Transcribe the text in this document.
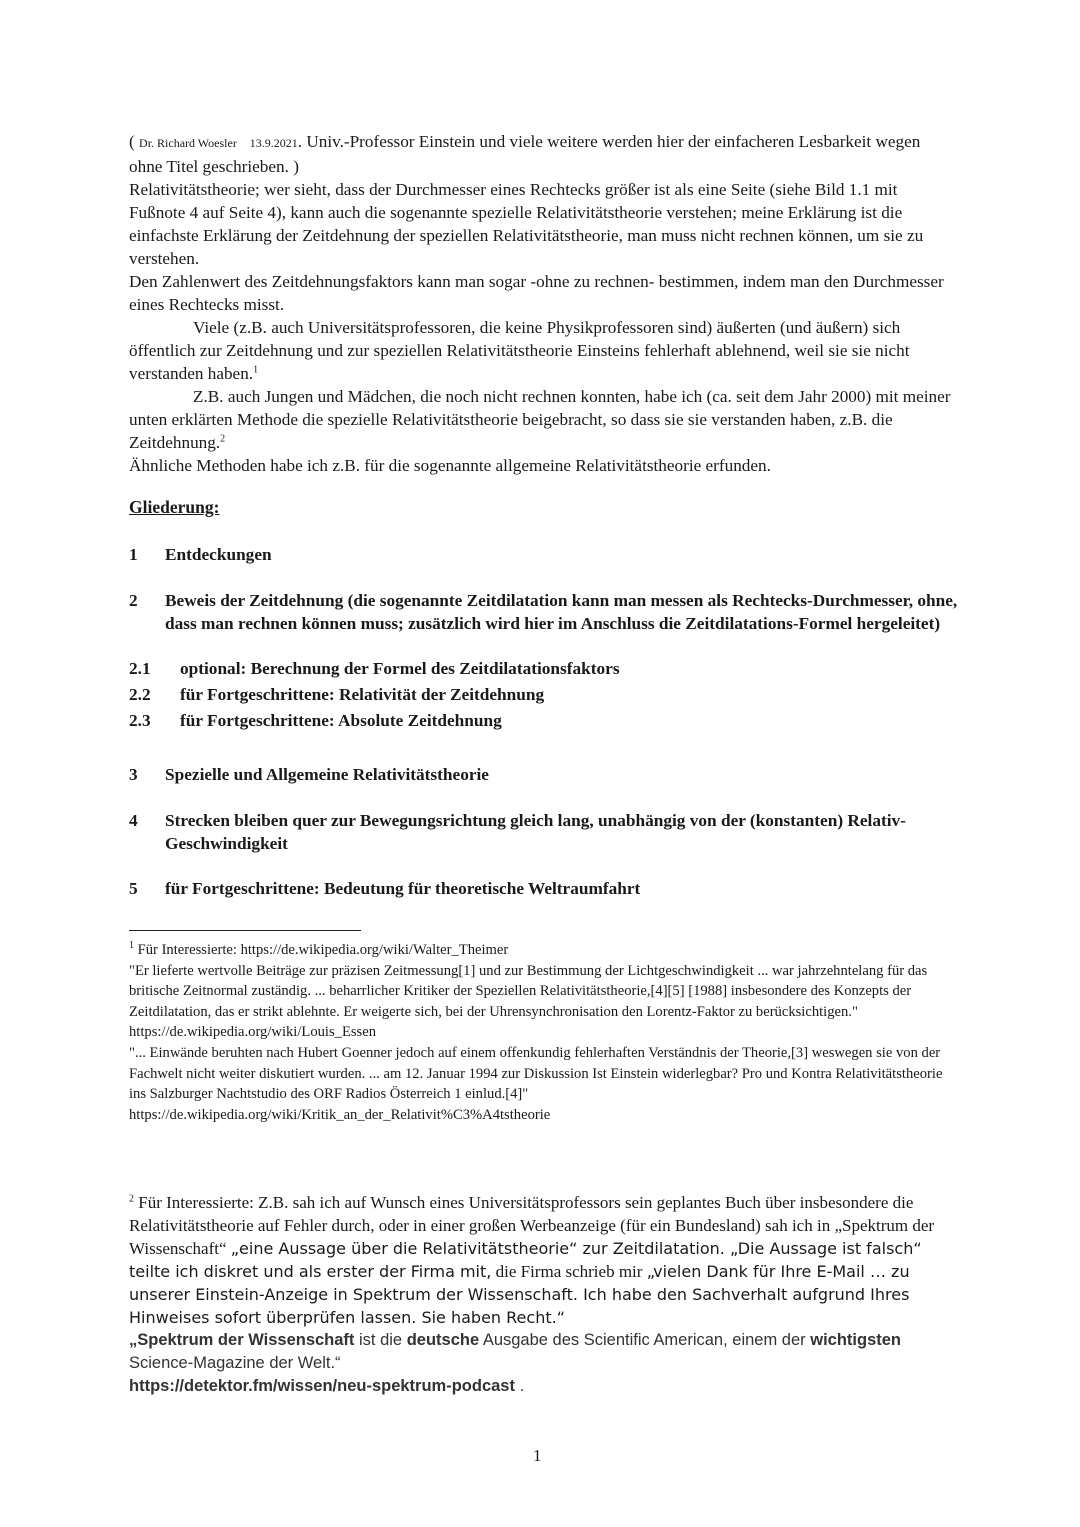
( Dr. Richard Woesler 13.9.2021. Univ.-Professor Einstein und viele weitere werden hier der einfacheren Lesbarkeit wegen ohne Titel geschrieben. )

Relativitätstheorie; wer sieht, dass der Durchmesser eines Rechtecks größer ist als eine Seite (siehe Bild 1.1 mit Fußnote 4 auf Seite 4), kann auch die sogenannte spezielle Relativitätstheorie verstehen; meine Erklärung ist die einfachste Erklärung der Zeitdehnung der speziellen Relativitätstheorie, man muss nicht rechnen können, um sie zu verstehen.

Den Zahlenwert des Zeitdehnungsfaktors kann man sogar -ohne zu rechnen- bestimmen, indem man den Durchmesser eines Rechtecks misst.

Viele (z.B. auch Universitätsprofessoren, die keine Physikprofessoren sind) äußerten (und äußern) sich öffentlich zur Zeitdehnung und zur speziellen Relativitätstheorie Einsteins fehlerhaft ablehnend, weil sie sie nicht verstanden haben.$^1$

Z.B. auch Jungen und Mädchen, die noch nicht rechnen konnten, habe ich (ca. seit dem Jahr 2000) mit meiner unten erklärten Methode die spezielle Relativitätstheorie beigebracht, so dass sie sie verstanden haben, z.B. die Zeitdehnung.$^2$

Ähnliche Methoden habe ich z.B. für die sogenannte allgemeine Relativitätstheorie erfunden.

Gliederung:

1	Entdeckungen
2	Beweis der Zeitdehnung (die sogenannte Zeitdilatation kann man messen als Rechtecks-Durchmesser, ohne, dass man rechnen können muss; zusätzlich wird hier im Anschluss die Zeitdilatations-Formel hergeleitet)
2.1	optional: Berechnung der Formel des Zeitdilatationsfaktors
2.2	für Fortgeschrittene: Relativität der Zeitdehnung
2.3	für Fortgeschrittene: Absolute Zeitdehnung
3	Spezielle und Allgemeine Relativitätstheorie
4	Strecken bleiben quer zur Bewegungsrichtung gleich lang, unabhängig von der (konstanten) Relativ-Geschwindigkeit
5	für Fortgeschrittene: Bedeutung für theoretische Weltraumfahrt

$^1$ Für Interessierte: https://de.wikipedia.org/wiki/Walter_Theimer

"Er lieferte wertvolle Beiträge zur präzisen Zeitmessung[1] und zur Bestimmung der Lichtgeschwindigkeit ... war jahrzehntelang für das britische Zeitnormal zuständig. ... beharrlicher Kritiker der Speziellen Relativitätstheorie,[4][5] [1988] insbesondere des Konzepts der Zeitdilatation, das er strikt ablehnte. Er weigerte sich, bei der Uhrensynchronisation den Lorentz-Faktor zu berücksichtigen."

https://de.wikipedia.org/wiki/Louis_Essen

"... Einwände beruhten nach Hubert Goenner jedoch auf einem offenkundig fehlerhaften Verständnis der Theorie,[3] weswegen sie von der Fachwelt nicht weiter diskutiert wurden. ... am 12. Januar 1994 zur Diskussion Ist Einstein widerlegbar? Pro und Kontra Relativitätstheorie ins Salzburger Nachtstudio des ORF Radios Österreich 1 einlud.[4]"

https://de.wikipedia.org/wiki/Kritik_an_der_Relativit%C3%A4tstheorie

$^2$ Für Interessierte: Z.B. sah ich auf Wunsch eines Universitätsprofessors sein geplantes Buch über insbesondere die Relativitätstheorie auf Fehler durch, oder in einer großen Werbeanzeige (für ein Bundesland) sah ich in „Spektrum der Wissenschaft“ „eine Aussage über die Relativitätstheorie“ zur Zeitdilatation. „Die Aussage ist falsch“ teilte ich diskret und als erster der Firma mit, die Firma schrieb mir „vielen Dank für Ihre E-Mail … zu unserer Einstein-Anzeige in Spektrum der Wissenschaft. Ich habe den Sachverhalt aufgrund Ihres Hinweises sofort überprüfen lassen. Sie haben Recht.“

„Spektrum der Wissenschaft ist die deutsche Ausgabe des Scientific American, einem der wichtigsten Science-Magazine der Welt.“

https://detektor.fm/wissen/neu-spektrum-podcast .

1
